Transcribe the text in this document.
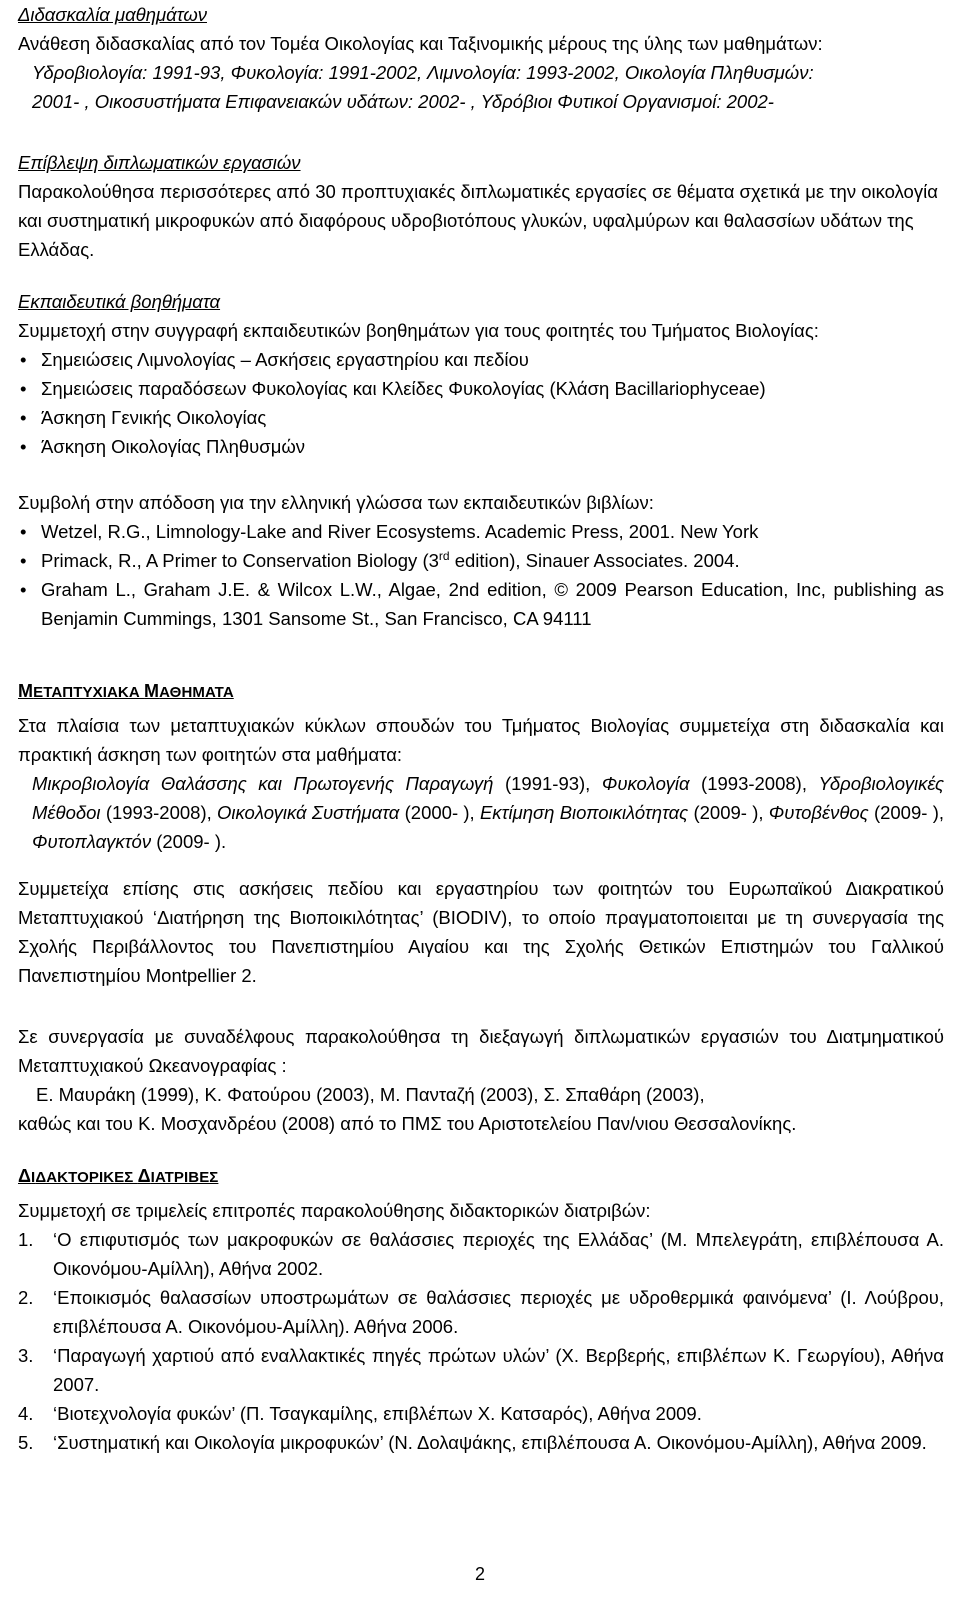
Διδασκαλία μαθημάτων

Ανάθεση διδασκαλίας από τον Τομέα Οικολογίας και Ταξινομικής μέρους της ύλης των μαθημάτων:

Υδροβιολογία: 1991-93, Φυκολογία: 1991-2002, Λιμνολογία: 1993-2002, Οικολογία Πληθυσμών:

2001- , Οικοσυστήματα Επιφανειακών υδάτων: 2002- , Υδρόβιοι Φυτικοί Οργανισμοί: 2002-

Επίβλεψη διπλωματικών εργασιών

Παρακολούθησα περισσότερες από 30 προπτυχιακές διπλωματικές εργασίες σε θέματα σχετικά με την οικολογία και συστηματική μικροφυκών από διαφόρους υδροβιοτόπους γλυκών, υφαλμύρων και θαλασσίων υδάτων της Ελλάδας.

Εκπαιδευτικά βοηθήματα

Συμμετοχή στην συγγραφή εκπαιδευτικών βοηθημάτων για τους φοιτητές του Τμήματος Βιολογίας:

• Σημειώσεις Λιμνολογίας – Ασκήσεις εργαστηρίου και πεδίου

• Σημειώσεις παραδόσεων Φυκολογίας και Κλείδες Φυκολογίας (Κλάση Bacillariophyceae)

• Άσκηση Γενικής Οικολογίας

• Άσκηση Οικολογίας Πληθυσμών

Συμβολή στην απόδοση για την ελληνική γλώσσα των εκπαιδευτικών βιβλίων:

• Wetzel, R.G., Limnology-Lake and River Ecosystems. Academic Press, 2001. New York

• Primack, R., A Primer to Conservation Biology (3rd edition), Sinauer Associates. 2004.

• Graham L., Graham J.E. & Wilcox L.W., Algae, 2nd edition, © 2009 Pearson Education, Inc, publishing as Benjamin Cummings, 1301 Sansome St., San Francisco, CA 94111

ΜΕΤΑΠΤΥΧΙΑΚΑ ΜΑΘΗΜΑΤΑ

Στα πλαίσια των μεταπτυχιακών κύκλων σπουδών του Τμήματος Βιολογίας συμμετείχα στη διδασκαλία και πρακτική άσκηση των φοιτητών στα μαθήματα:

Μικροβιολογία Θαλάσσης και Πρωτογενής Παραγωγή (1991-93), Φυκολογία (1993-2008), Υδροβιολογικές Μέθοδοι (1993-2008), Οικολογικά Συστήματα (2000- ), Εκτίμηση Βιοποικιλότητας (2009- ), Φυτοβένθος (2009- ), Φυτοπλαγκτόν (2009- ).

Συμμετείχα επίσης στις ασκήσεις πεδίου και εργαστηρίου των φοιτητών του Ευρωπαϊκού Διακρατικού Μεταπτυχιακού ‘Διατήρηση της Βιοποικιλότητας’ (BIODIV), το οποίο πραγματοποιειται με τη συνεργασία της Σχολής Περιβάλλοντος του Πανεπιστημίου Αιγαίου και της Σχολής Θετικών Επιστημών του Γαλλικού Πανεπιστημίου Montpellier 2.

Σε συνεργασία με συναδέλφους παρακολούθησα τη διεξαγωγή διπλωματικών εργασιών του Διατμηματικού Μεταπτυχιακού Ωκεανογραφίας :

Ε. Μαυράκη (1999), Κ. Φατούρου (2003), Μ. Πανταζή (2003), Σ. Σπαθάρη (2003),

καθώς και του Κ. Μοσχανδρέου (2008) από το ΠΜΣ του Αριστοτελείου Παν/νιου Θεσσαλονίκης.

ΔΙΔΑΚΤΟΡΙΚΕΣ ΔΙΑΤΡΙΒΕΣ

Συμμετοχή σε τριμελείς επιτροπές παρακολούθησης διδακτορικών διατριβών:

1. ‘Ο επιφυτισμός των μακροφυκών σε θαλάσσιες περιοχές της Ελλάδας’ (Μ. Μπελεγράτη, επιβλέπουσα Α. Οικονόμου-Αμίλλη), Αθήνα 2002.

2. ‘Εποικισμός θαλασσίων υποστρωμάτων σε θαλάσσιες περιοχές με υδροθερμικά φαινόμενα’ (Ι. Λούβρου, επιβλέπουσα Α. Οικονόμου-Αμίλλη). Αθήνα 2006.

3. ‘Παραγωγή χαρτιού από εναλλακτικές πηγές πρώτων υλών’ (Χ. Βερβερής, επιβλέπων Κ. Γεωργίου), Αθήνα 2007.

4. ‘Βιοτεχνολογία φυκών’ (Π. Τσαγκαμίλης, επιβλέπων Χ. Κατσαρός), Αθήνα 2009.

5. ‘Συστηματική και Οικολογία μικροφυκών’ (Ν. Δολαψάκης, επιβλέπουσα Α. Οικονόμου-Αμίλλη), Αθήνα 2009.

2
